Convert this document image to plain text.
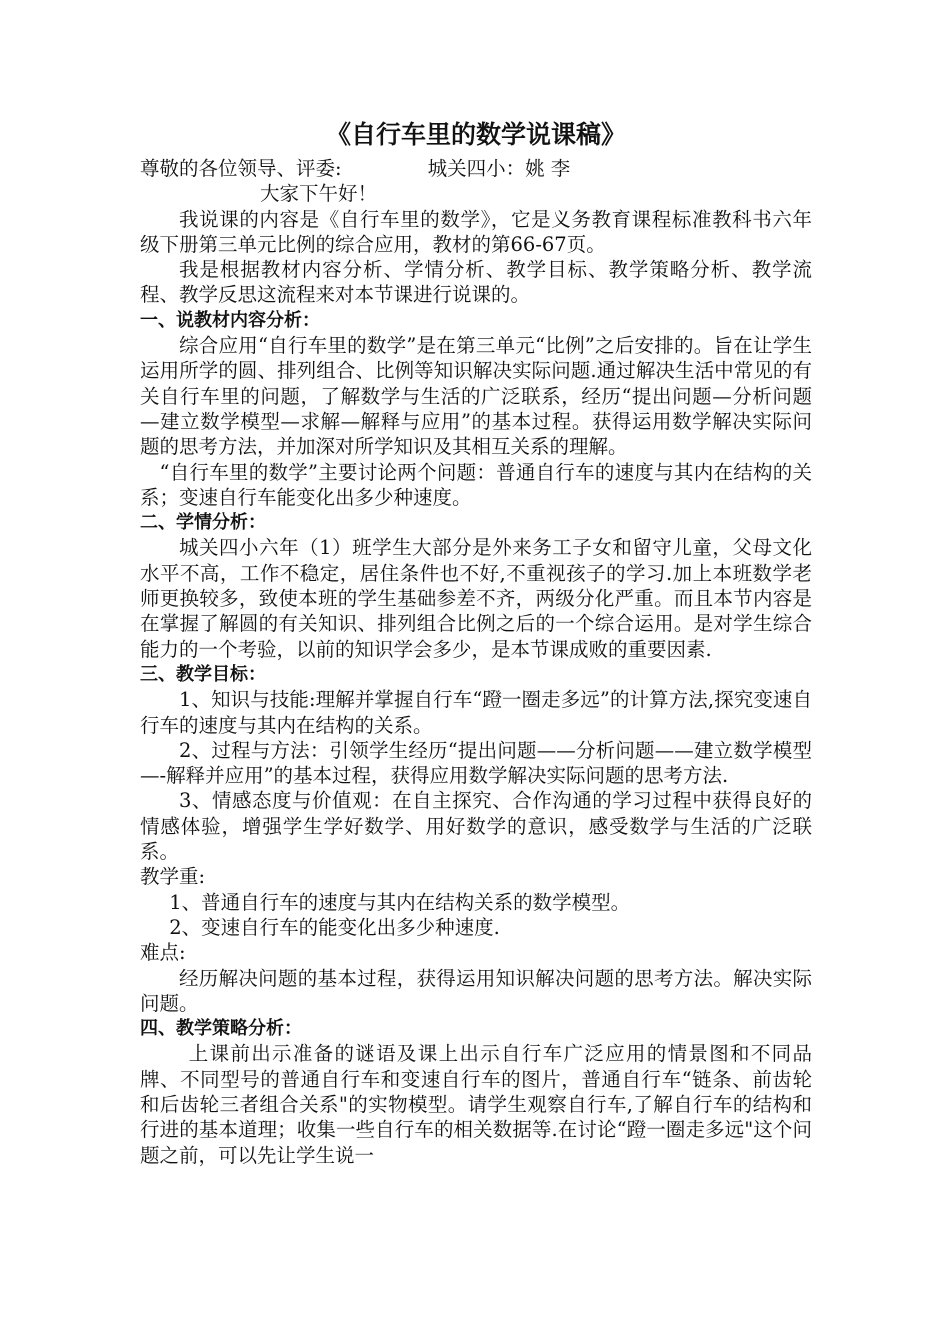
《自行车里的数学说课稿》
尊敬的各位领导、评委:	城关四小：姚 李

大家下午好！

我说课的内容是《自行车里的数学》，它是义务教育课程标准教科书六年级下册第三单元比例的综合应用，教材的第66-67页。

我是根据教材内容分析、学情分析、教学目标、教学策略分析、教学流程、教学反思这流程来对本节课进行说课的。

一、说教材内容分析：

综合应用“自行车里的数学”是在第三单元“比例”之后安排的。旨在让学生运用所学的圆、排列组合、比例等知识解决实际问题.通过解决生活中常见的有关自行车里的问题，了解数学与生活的广泛联系，经历“提出问题—分析问题—建立数学模型—求解—解释与应用”的基本过程。获得运用数学解决实际问题的思考方法，并加深对所学知识及其相互关系的理解。

“自行车里的数学”主要讨论两个问题：普通自行车的速度与其内在结构的关系；变速自行车能变化出多少种速度。

二、学情分析：

城关四小六年（1）班学生大部分是外来务工子女和留守儿童，父母文化水平不高，工作不稳定，居住条件也不好,不重视孩子的学习.加上本班数学老师更换较多，致使本班的学生基础参差不齐，两级分化严重。而且本节内容是在掌握了解圆的有关知识、排列组合比例之后的一个综合运用。是对学生综合能力的一个考验，以前的知识学会多少，是本节课成败的重要因素.

三、教学目标：

1、知识与技能:理解并掌握自行车“蹬一圈走多远”的计算方法,探究变速自行车的速度与其内在结构的关系。

2、过程与方法：引领学生经历“提出问题——分析问题——建立数学模型—-解释并应用”的基本过程，获得应用数学解决实际问题的思考方法.

3、情感态度与价值观：在自主探究、合作沟通的学习过程中获得良好的情感体验，增强学生学好数学、用好数学的意识，感受数学与生活的广泛联系。

教学重:

1、普通自行车的速度与其内在结构关系的数学模型。

2、变速自行车的能变化出多少种速度.

难点:

经历解决问题的基本过程，获得运用知识解决问题的思考方法。解决实际问题。

四、教学策略分析：

上课前出示准备的谜语及课上出示自行车广泛应用的情景图和不同品牌、不同型号的普通自行车和变速自行车的图片，普通自行车“链条、前齿轮和后齿轮三者组合关系"的实物模型。请学生观察自行车,了解自行车的结构和行进的基本道理；收集一些自行车的相关数据等.在讨论“蹬一圈走多远"这个问题之前，可以先让学生说一
